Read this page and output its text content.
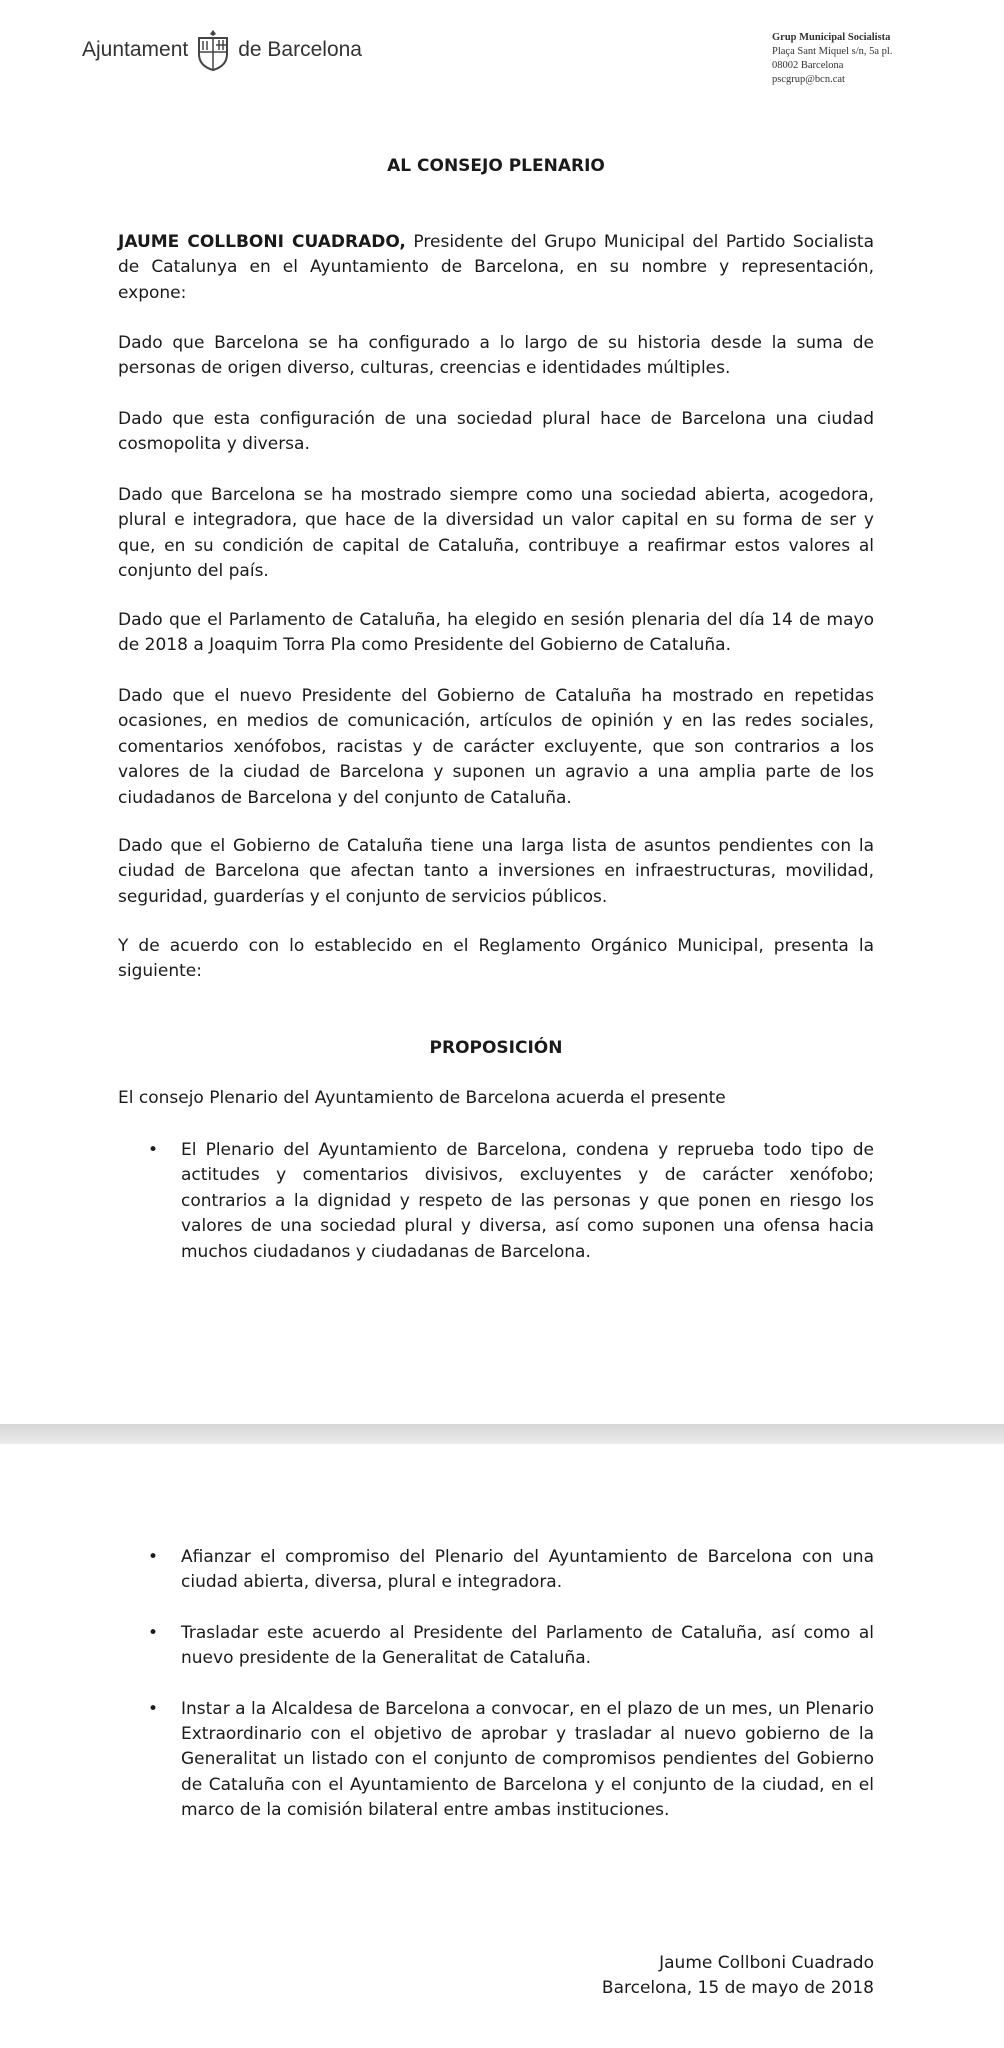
Ajuntament de Barcelona
Grup Municipal Socialista
Plaça Sant Miquel s/n, 5a pl.
08002 Barcelona
pscgrup@bcn.cat

AL CONSEJO PLENARIO

JAUME COLLBONI CUADRADO, Presidente del Grupo Municipal del Partido Socialista de Catalunya en el Ayuntamiento de Barcelona, en su nombre y representación, expone:

Dado que Barcelona se ha configurado a lo largo de su historia desde la suma de personas de origen diverso, culturas, creencias e identidades múltiples.

Dado que esta configuración de una sociedad plural hace de Barcelona una ciudad cosmopolita y diversa.

Dado que Barcelona se ha mostrado siempre como una sociedad abierta, acogedora, plural e integradora, que hace de la diversidad un valor capital en su forma de ser y que, en su condición de capital de Cataluña, contribuye a reafirmar estos valores al conjunto del país.

Dado que el Parlamento de Cataluña, ha elegido en sesión plenaria del día 14 de mayo de 2018 a Joaquim Torra Pla como Presidente del Gobierno de Cataluña.

Dado que el nuevo Presidente del Gobierno de Cataluña ha mostrado en repetidas ocasiones, en medios de comunicación, artículos de opinión y en las redes sociales, comentarios xenófobos, racistas y de carácter excluyente, que son contrarios a los valores de la ciudad de Barcelona y suponen un agravio a una amplia parte de los ciudadanos de Barcelona y del conjunto de Cataluña.

Dado que el Gobierno de Cataluña tiene una larga lista de asuntos pendientes con la ciudad de Barcelona que afectan tanto a inversiones en infraestructuras, movilidad, seguridad, guarderías y el conjunto de servicios públicos.

Y de acuerdo con lo establecido en el Reglamento Orgánico Municipal, presenta la siguiente:

PROPOSICIÓN

El consejo Plenario del Ayuntamiento de Barcelona acuerda el presente

• El Plenario del Ayuntamiento de Barcelona, condena y reprueba todo tipo de actitudes y comentarios divisivos, excluyentes y de carácter xenófobo; contrarios a la dignidad y respeto de las personas y que ponen en riesgo los valores de una sociedad plural y diversa, así como suponen una ofensa hacia muchos ciudadanos y ciudadanas de Barcelona.
• Afianzar el compromiso del Plenario del Ayuntamiento de Barcelona con una ciudad abierta, diversa, plural e integradora.
• Trasladar este acuerdo al Presidente del Parlamento de Cataluña, así como al nuevo presidente de la Generalitat de Cataluña.
• Instar a la Alcaldesa de Barcelona a convocar, en el plazo de un mes, un Plenario Extraordinario con el objetivo de aprobar y trasladar al nuevo gobierno de la Generalitat un listado con el conjunto de compromisos pendientes del Gobierno de Cataluña con el Ayuntamiento de Barcelona y el conjunto de la ciudad, en el marco de la comisión bilateral entre ambas instituciones.
Jaume Collboni Cuadrado
Barcelona, 15 de mayo de 2018
